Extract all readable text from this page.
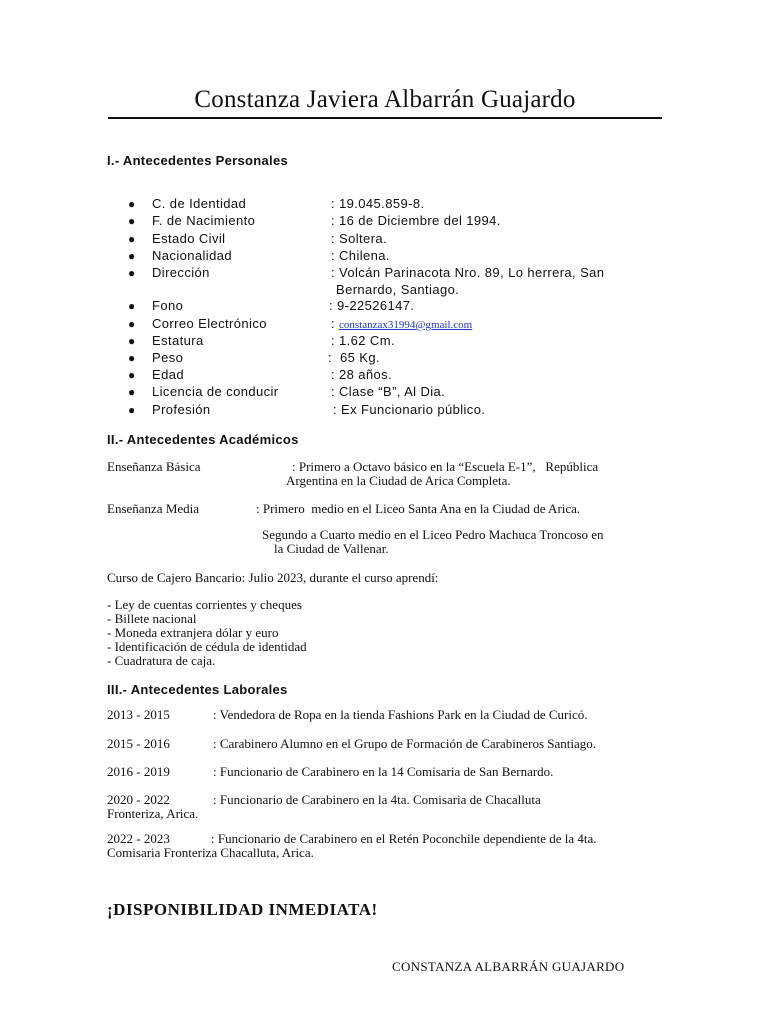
Constanza Javiera Albarrán Guajardo
I.- Antecedentes Personales
● C. de Identidad	: 19.045.859-8.
● F. de Nacimiento	: 16 de Diciembre del 1994.
● Estado Civil	: Soltera.
● Nacionalidad	: Chilena.
● Dirección	: Volcán Parinacota Nro. 89, Lo herrera, San
Bernardo, Santiago.
● Fono	: 9-22526147.
● Correo Electrónico	: constanzax31994@gmail.com
● Estatura	: 1.62 Cm.
● Peso	:  65 Kg.
● Edad	: 28 años.
● Licencia de conducir	: Clase “B”, Al Dia.
● Profesión	: Ex Funcionario público.
II.- Antecedentes Académicos
Enseñanza Básica	: Primero a Octavo básico en la “Escuela E-1”,   República
Argentina en la Ciudad de Arica Completa.
Enseñanza Media	: Primero  medio en el Liceo Santa Ana en la Ciudad de Arica.
Segundo a Cuarto medio en el Liceo Pedro Machuca Troncoso en
la Ciudad de Vallenar.
Curso de Cajero Bancario: Julio 2023, durante el curso aprendí:
- Ley de cuentas corrientes y cheques
- Billete nacional
- Moneda extranjera dólar y euro
- Identificación de cédula de identidad
- Cuadratura de caja.
III.- Antecedentes Laborales
2013 - 2015	: Vendedora de Ropa en la tienda Fashions Park en la Ciudad de Curicó.
2015 - 2016	: Carabinero Alumno en el Grupo de Formación de Carabineros Santiago.
2016 - 2019	: Funcionario de Carabinero en la 14 Comisaria de San Bernardo.
2020 - 2022	: Funcionario de Carabinero en la 4ta. Comisaria de Chacalluta
Fronteriza, Arica.
2022 - 2023	: Funcionario de Carabinero en el Retén Poconchile dependiente de la 4ta.
Comisaria Fronteriza Chacalluta, Arica.
¡DISPONIBILIDAD INMEDIATA!
CONSTANZA ALBARRÁN GUAJARDO
